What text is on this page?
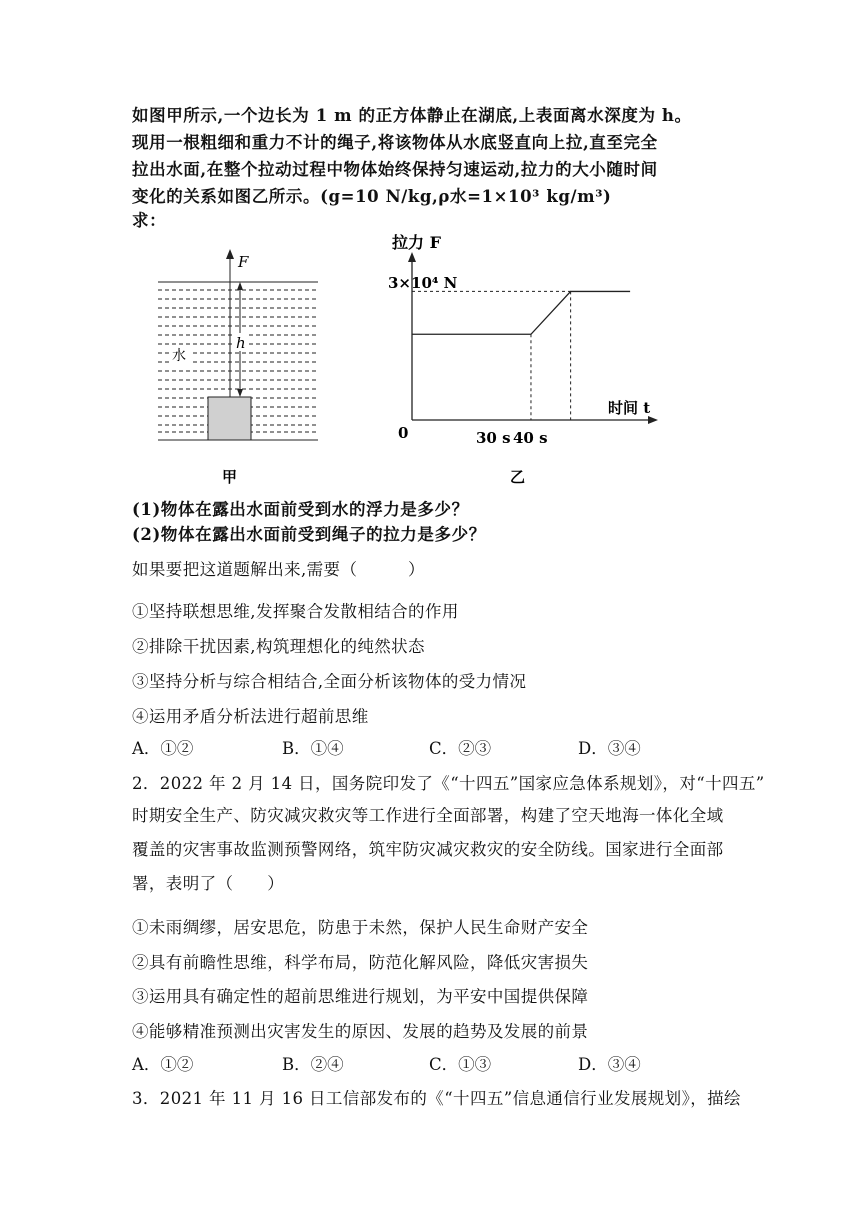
如图甲所示,一个边长为 1 m 的正方体静止在湖底,上表面离水深度为 h。
现用一根粗细和重力不计的绳子,将该物体从水底竖直向上拉,直至完全
拉出水面,在整个拉动过程中物体始终保持匀速运动,拉力的大小随时间
变化的关系如图乙所示。(g=10 N/kg,ρ水=1×10³ kg/m³)
求：
F
h
水
甲
拉力 F
时间 t
0
3×10⁴ N
30 s 40 s
乙
(1)物体在露出水面前受到水的浮力是多少？
(2)物体在露出水面前受到绳子的拉力是多少？
如果要把这道题解出来,需要（　　　）
①坚持联想思维,发挥聚合发散相结合的作用
②排除干扰因素,构筑理想化的纯然状态
③坚持分析与综合相结合,全面分析该物体的受力情况
④运用矛盾分析法进行超前思维
A．①②	B．①④	C．②③	D．③④
2．2022 年 2 月 14 日，国务院印发了《“十四五”国家应急体系规划》，对“十四五”
时期安全生产、防灾减灾救灾等工作进行全面部署，构建了空天地海一体化全域
覆盖的灾害事故监测预警网络，筑牢防灾减灾救灾的安全防线。国家进行全面部
署，表明了（　　）
①未雨绸缪，居安思危，防患于未然，保护人民生命财产安全
②具有前瞻性思维，科学布局，防范化解风险，降低灾害损失
③运用具有确定性的超前思维进行规划，为平安中国提供保障
④能够精准预测出灾害发生的原因、发展的趋势及发展的前景
A．①②	B．②④	C．①③	D．③④
3．2021 年 11 月 16 日工信部发布的《“十四五”信息通信行业发展规划》，描绘
